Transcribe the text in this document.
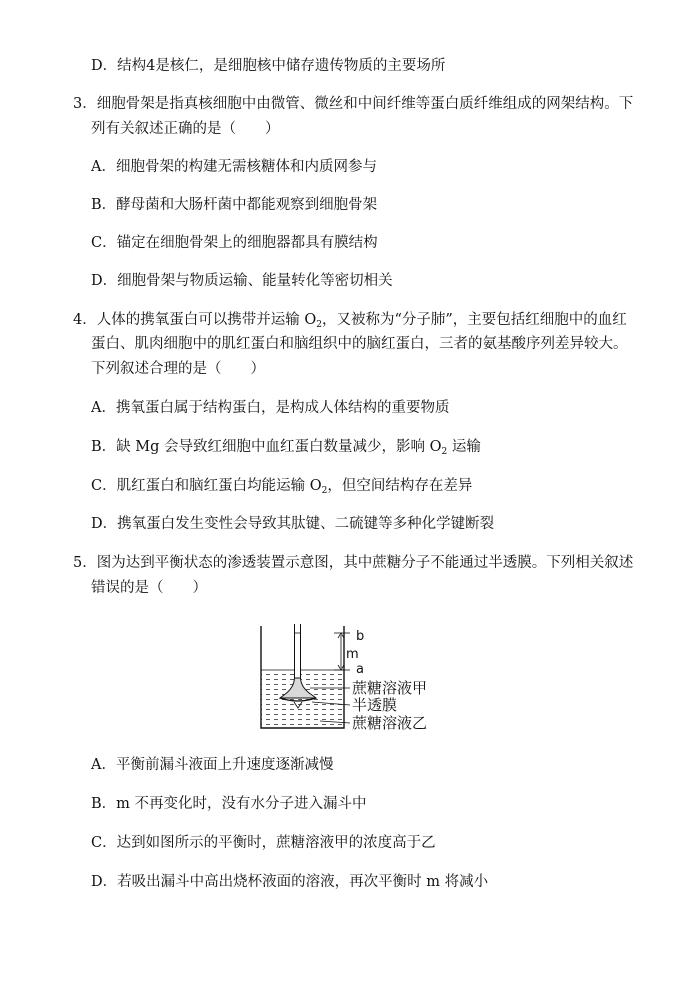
D．结构4是核仁，是细胞核中储存遗传物质的主要场所
3．细胞骨架是指真核细胞中由微管、微丝和中间纤维等蛋白质纤维组成的网架结构。下
列有关叙述正确的是（　　）
A．细胞骨架的构建无需核糖体和内质网参与
B．酵母菌和大肠杆菌中都能观察到细胞骨架
C．锚定在细胞骨架上的细胞器都具有膜结构
D．细胞骨架与物质运输、能量转化等密切相关
4．人体的携氧蛋白可以携带并运输 $O_2$，又被称为“分子肺”，主要包括红细胞中的血红
蛋白、肌肉细胞中的肌红蛋白和脑组织中的脑红蛋白，三者的氨基酸序列差异较大。
下列叙述合理的是（　　）
A．携氧蛋白属于结构蛋白，是构成人体结构的重要物质
B．缺 Mg 会导致红细胞中血红蛋白数量减少，影响 $O_2$ 运输
C．肌红蛋白和脑红蛋白均能运输 $O_2$，但空间结构存在差异
D．携氧蛋白发生变性会导致其肽键、二硫键等多种化学键断裂
5．图为达到平衡状态的渗透装置示意图，其中蔗糖分子不能通过半透膜。下列相关叙述
错误的是（　　）
b
m
a
蔗糖溶液甲
半透膜
蔗糖溶液乙
A．平衡前漏斗液面上升速度逐渐减慢
B．m 不再变化时，没有水分子进入漏斗中
C．达到如图所示的平衡时，蔗糖溶液甲的浓度高于乙
D．若吸出漏斗中高出烧杯液面的溶液，再次平衡时 m 将减小
